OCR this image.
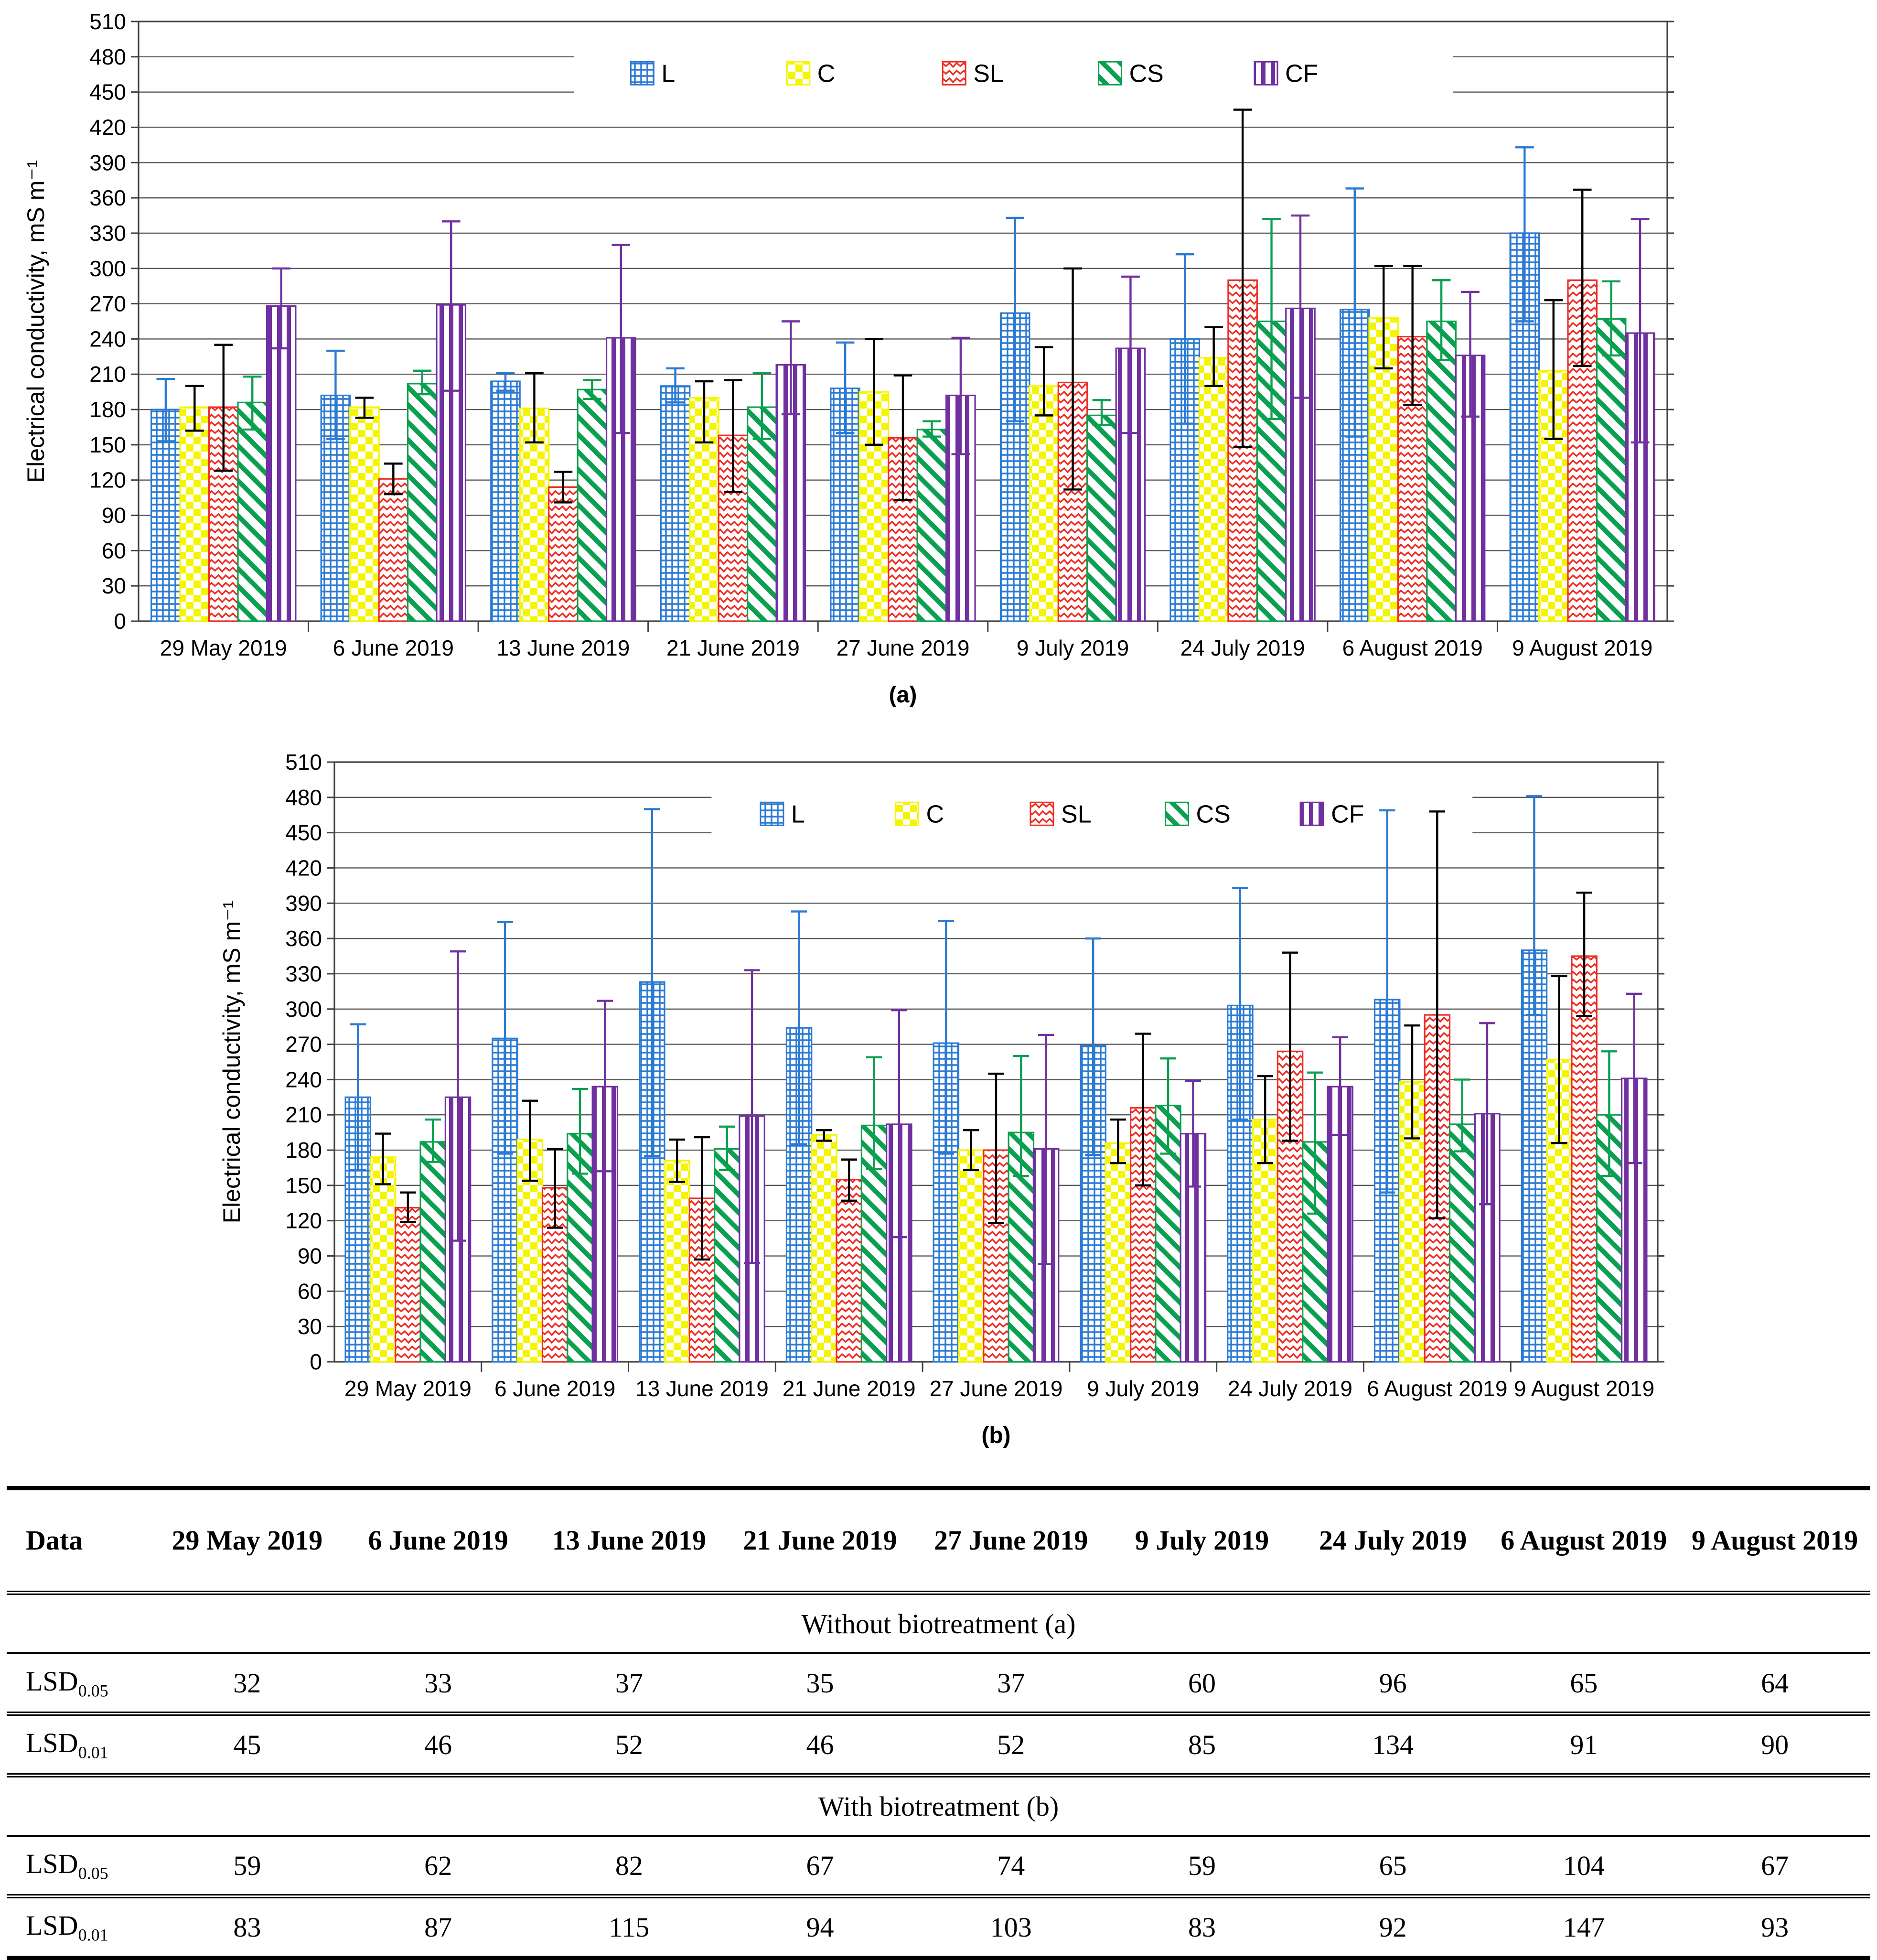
0
30
60
90
120
150
180
210
240
270
300
330
360
390
420
450
480
510
Electrical conductivity, mS m⁻¹
29 May 2019 6 June 2019 13 June 2019 21 June 2019 27 June 2019 9 July 2019 24 July 2019 6 August 2019 9 August 2019
L	C	SL	CS	CF
(a)
0
30
60
90
120
150
180
210
240
270
300
330
360
390
420
450
480
510
Electrical conductivity, mS m⁻¹
29 May 2019 6 June 2019 13 June 2019 21 June 2019 27 June 2019 9 July 2019 24 July 2019 6 August 2019 9 August 2019
L	C	SL	CS	CF
(b)
Data	29 May 2019	6 June 2019	13 June 2019	21 June 2019	27 June 2019	9 July 2019	24 July 2019	6 August 2019	9 August 2019
Without biotreatment (a)									
$LSD_{0.05}$	32	33	37	35	37	60	96	65	64
$LSD_{0.01}$	45	46	52	46	52	85	134	91	90
With biotreatment (b)									
$LSD_{0.05}$	59	62	82	67	74	59	65	104	67
$LSD_{0.01}$	83	87	115	94	103	83	92	147	93
